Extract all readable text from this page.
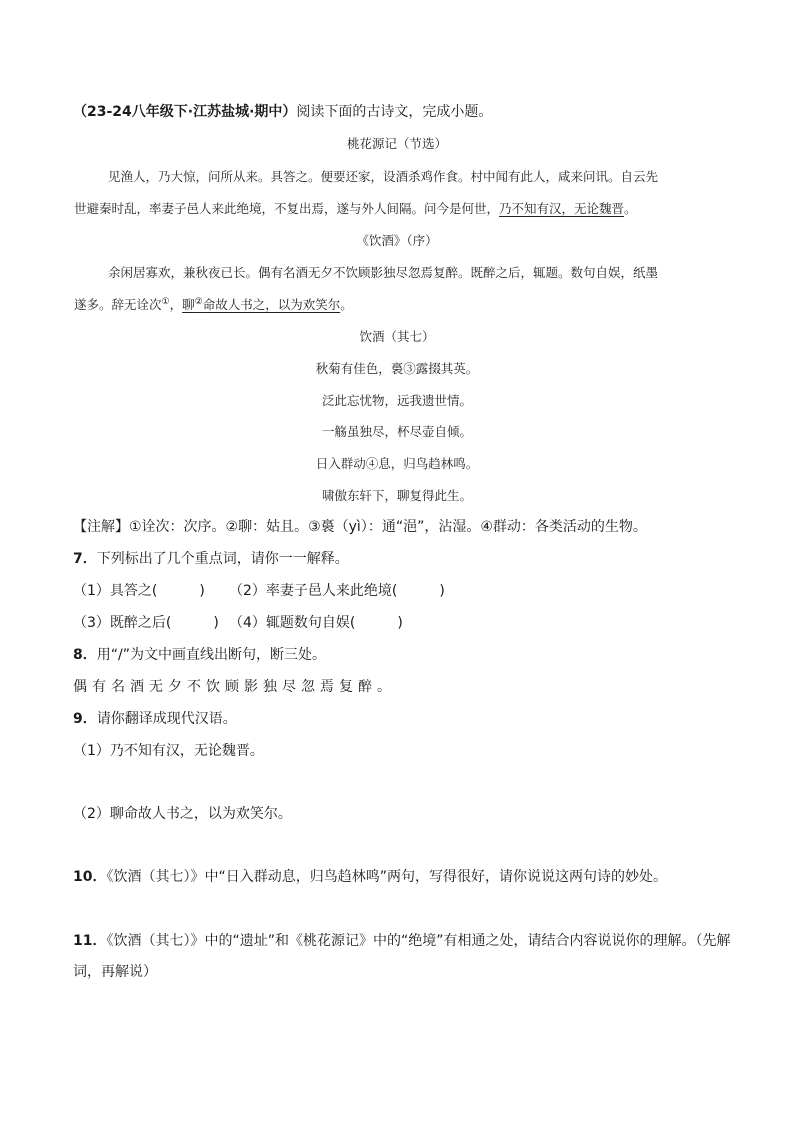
（23-24八年级下·江苏盐城·期中）阅读下面的古诗文，完成小题。
桃花源记（节选）
见渔人，乃大惊，问所从来。具答之。便要还家，设酒杀鸡作食。村中闻有此人，咸来问讯。自云先
世避秦时乱，率妻子邑人来此绝境，不复出焉，遂与外人间隔。问今是何世，乃不知有汉，无论魏晋。
《饮酒》（序）
余闲居寡欢，兼秋夜已长。偶有名酒无夕不饮顾影独尽忽焉复醉。既醉之后，辄题。数句自娱，纸墨
遂多。辞无诠次①，聊②命故人书之，以为欢笑尔。
饮酒（其七）
秋菊有佳色，裛③露掇其英。
泛此忘忧物，远我遗世情。
一觞虽独尽，杯尽壶自倾。
日入群动④息，归鸟趋林鸣。
啸傲东轩下，聊复得此生。
【注解】①诠次：次序。②聊：姑且。③裛（yì）：通“浥”，沾湿。④群动：各类活动的生物。
7．下列标出了几个重点词，请你一一解释。
（1）具答之(　　　) （2）率妻子邑人来此绝境(　　　)
（3）既醉之后(　　　) （4）辄题数句自娱(　　　)
8．用“/”为文中画直线出断句，断三处。
偶有名酒无夕不饮顾影独尽忽焉复醉。
9．请你翻译成现代汉语。
（1）乃不知有汉，无论魏晋。
（2）聊命故人书之，以为欢笑尔。
10．《饮酒（其七）》中“日入群动息，归鸟趋林鸣”两句，写得很好，请你说说这两句诗的妙处。
11．《饮酒（其七）》中的“遗址”和《桃花源记》中的“绝境”有相通之处，请结合内容说说你的理解。（先解
词，再解说）
